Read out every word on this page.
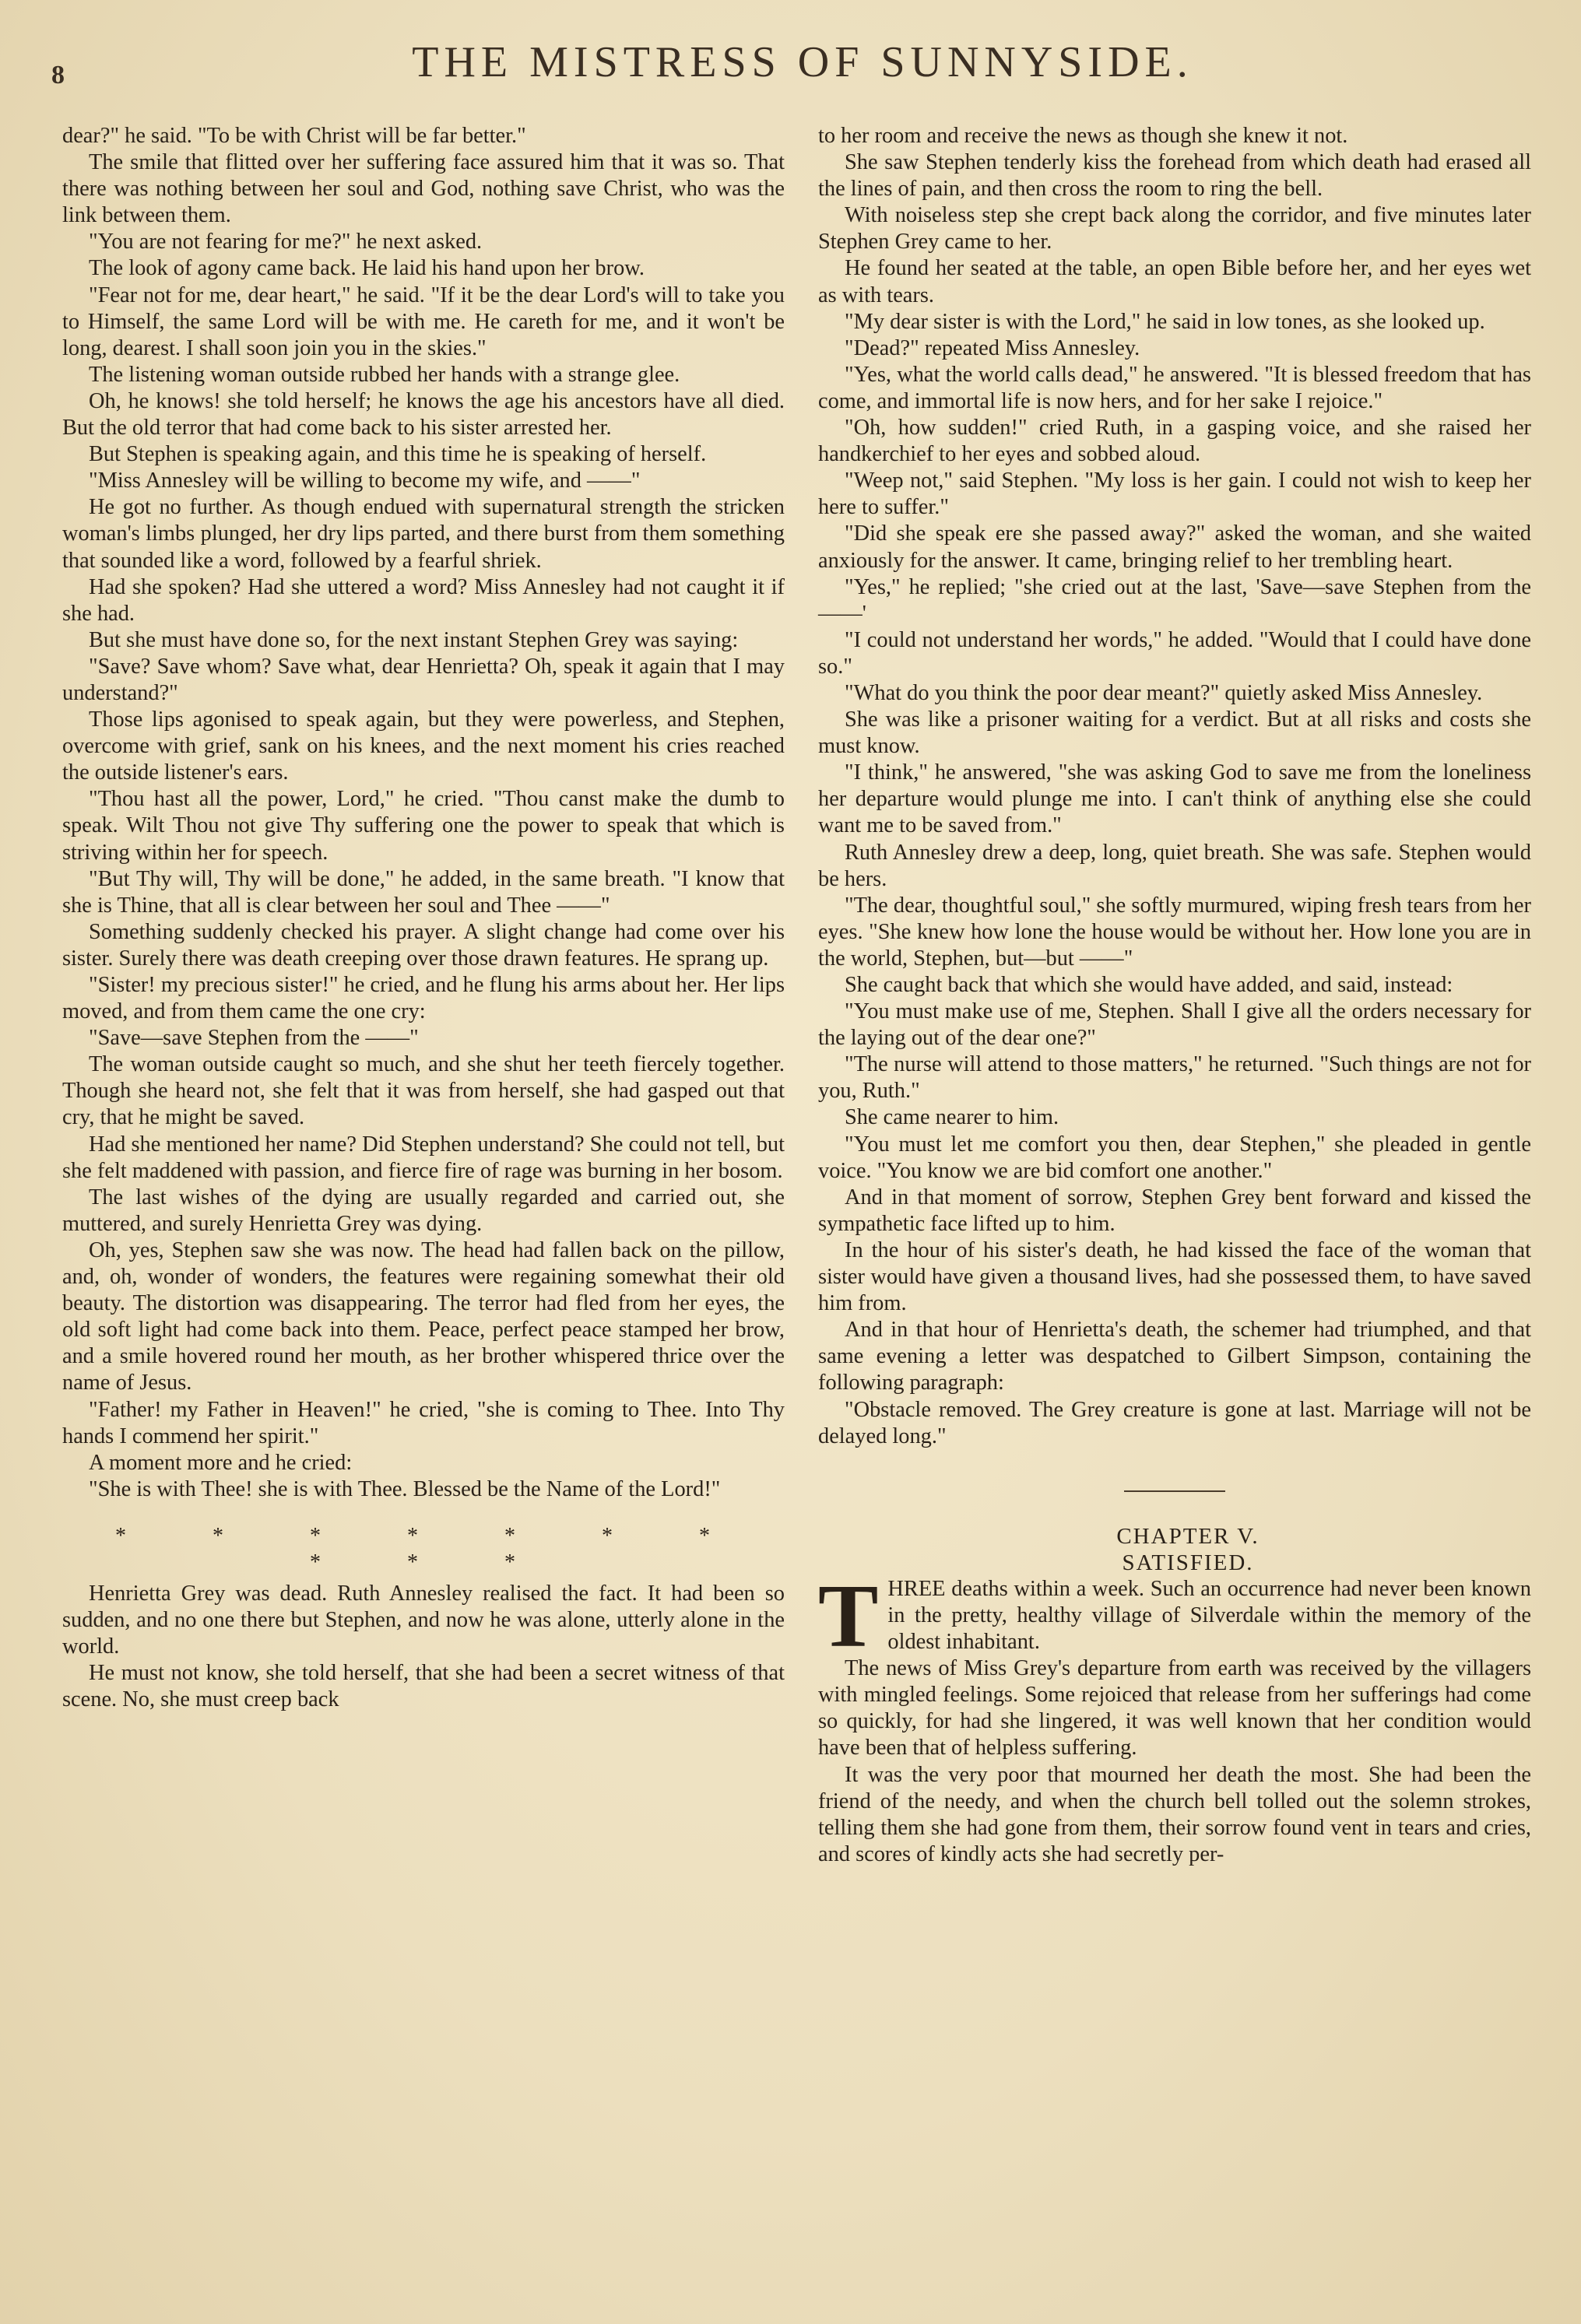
8	THE MISTRESS OF SUNNYSIDE.

dear?" he said. "To be with Christ will be far better."

The smile that flitted over her suffering face assured him that it was so. That there was nothing between her soul and God, nothing save Christ, who was the link between them.

"You are not fearing for me?" he next asked.

The look of agony came back. He laid his hand upon her brow.

"Fear not for me, dear heart," he said. "If it be the dear Lord's will to take you to Himself, the same Lord will be with me. He careth for me, and it won't be long, dearest. I shall soon join you in the skies."

The listening woman outside rubbed her hands with a strange glee.

Oh, he knows! she told herself; he knows the age his ancestors have all died. But the old terror that had come back to his sister arrested her.

But Stephen is speaking again, and this time he is speaking of herself.

"Miss Annesley will be willing to become my wife, and ——"

He got no further. As though endued with supernatural strength the stricken woman's limbs plunged, her dry lips parted, and there burst from them something that sounded like a word, followed by a fearful shriek.

Had she spoken? Had she uttered a word? Miss Annesley had not caught it if she had.

But she must have done so, for the next instant Stephen Grey was saying:

"Save? Save whom? Save what, dear Henrietta? Oh, speak it again that I may understand?"

Those lips agonised to speak again, but they were powerless, and Stephen, overcome with grief, sank on his knees, and the next moment his cries reached the outside listener's ears.

"Thou hast all the power, Lord," he cried. "Thou canst make the dumb to speak. Wilt Thou not give Thy suffering one the power to speak that which is striving within her for speech.

"But Thy will, Thy will be done," he added, in the same breath. "I know that she is Thine, that all is clear between her soul and Thee ——"

Something suddenly checked his prayer. A slight change had come over his sister. Surely there was death creeping over those drawn features. He sprang up.

"Sister! my precious sister!" he cried, and he flung his arms about her. Her lips moved, and from them came the one cry:

"Save—save Stephen from the ——"

The woman outside caught so much, and she shut her teeth fiercely together. Though she heard not, she felt that it was from herself, she had gasped out that cry, that he might be saved.

Had she mentioned her name? Did Stephen understand? She could not tell, but she felt maddened with passion, and fierce fire of rage was burning in her bosom.

The last wishes of the dying are usually regarded and carried out, she muttered, and surely Henrietta Grey was dying.

Oh, yes, Stephen saw she was now. The head had fallen back on the pillow, and, oh, wonder of wonders, the features were regaining somewhat their old beauty. The distortion was disappearing. The terror had fled from her eyes, the old soft light had come back into them. Peace, perfect peace stamped her brow, and a smile hovered round her mouth, as her brother whispered thrice over the name of Jesus.

"Father! my Father in Heaven!" he cried, "she is coming to Thee. Into Thy hands I commend her spirit."

A moment more and he cried:

"She is with Thee! she is with Thee. Blessed be the Name of the Lord!"

* * * * * * * * * *

Henrietta Grey was dead. Ruth Annesley realised the fact. It had been so sudden, and no one there but Stephen, and now he was alone, utterly alone in the world.

He must not know, she told herself, that she had been a secret witness of that scene. No, she must creep back

to her room and receive the news as though she knew it not.

She saw Stephen tenderly kiss the forehead from which death had erased all the lines of pain, and then cross the room to ring the bell.

With noiseless step she crept back along the corridor, and five minutes later Stephen Grey came to her.

He found her seated at the table, an open Bible before her, and her eyes wet as with tears.

"My dear sister is with the Lord," he said in low tones, as she looked up.

"Dead?" repeated Miss Annesley.

"Yes, what the world calls dead," he answered. "It is blessed freedom that has come, and immortal life is now hers, and for her sake I rejoice."

"Oh, how sudden!" cried Ruth, in a gasping voice, and she raised her handkerchief to her eyes and sobbed aloud.

"Weep not," said Stephen. "My loss is her gain. I could not wish to keep her here to suffer."

"Did she speak ere she passed away?" asked the woman, and she waited anxiously for the answer. It came, bringing relief to her trembling heart.

"Yes," he replied; "she cried out at the last, 'Save—save Stephen from the ——'

"I could not understand her words," he added. "Would that I could have done so."

"What do you think the poor dear meant?" quietly asked Miss Annesley.

She was like a prisoner waiting for a verdict. But at all risks and costs she must know.

"I think," he answered, "she was asking God to save me from the loneliness her departure would plunge me into. I can't think of anything else she could want me to be saved from."

Ruth Annesley drew a deep, long, quiet breath. She was safe. Stephen would be hers.

"The dear, thoughtful soul," she softly murmured, wiping fresh tears from her eyes. "She knew how lone the house would be without her. How lone you are in the world, Stephen, but—but ——"

She caught back that which she would have added, and said, instead:

"You must make use of me, Stephen. Shall I give all the orders necessary for the laying out of the dear one?"

"The nurse will attend to those matters," he returned. "Such things are not for you, Ruth."

She came nearer to him.

"You must let me comfort you then, dear Stephen," she pleaded in gentle voice. "You know we are bid comfort one another."

And in that moment of sorrow, Stephen Grey bent forward and kissed the sympathetic face lifted up to him.

In the hour of his sister's death, he had kissed the face of the woman that sister would have given a thousand lives, had she possessed them, to have saved him from.

And in that hour of Henrietta's death, the schemer had triumphed, and that same evening a letter was despatched to Gilbert Simpson, containing the following paragraph:

"Obstacle removed. The Grey creature is gone at last. Marriage will not be delayed long."

CHAPTER V.

SATISFIED.

THREE deaths within a week. Such an occurrence had never been known in the pretty, healthy village of Silverdale within the memory of the oldest inhabitant.

The news of Miss Grey's departure from earth was received by the villagers with mingled feelings. Some rejoiced that release from her sufferings had come so quickly, for had she lingered, it was well known that her condition would have been that of helpless suffering.

It was the very poor that mourned her death the most. She had been the friend of the needy, and when the church bell tolled out the solemn strokes, telling them she had gone from them, their sorrow found vent in tears and cries, and scores of kindly acts she had secretly per-
